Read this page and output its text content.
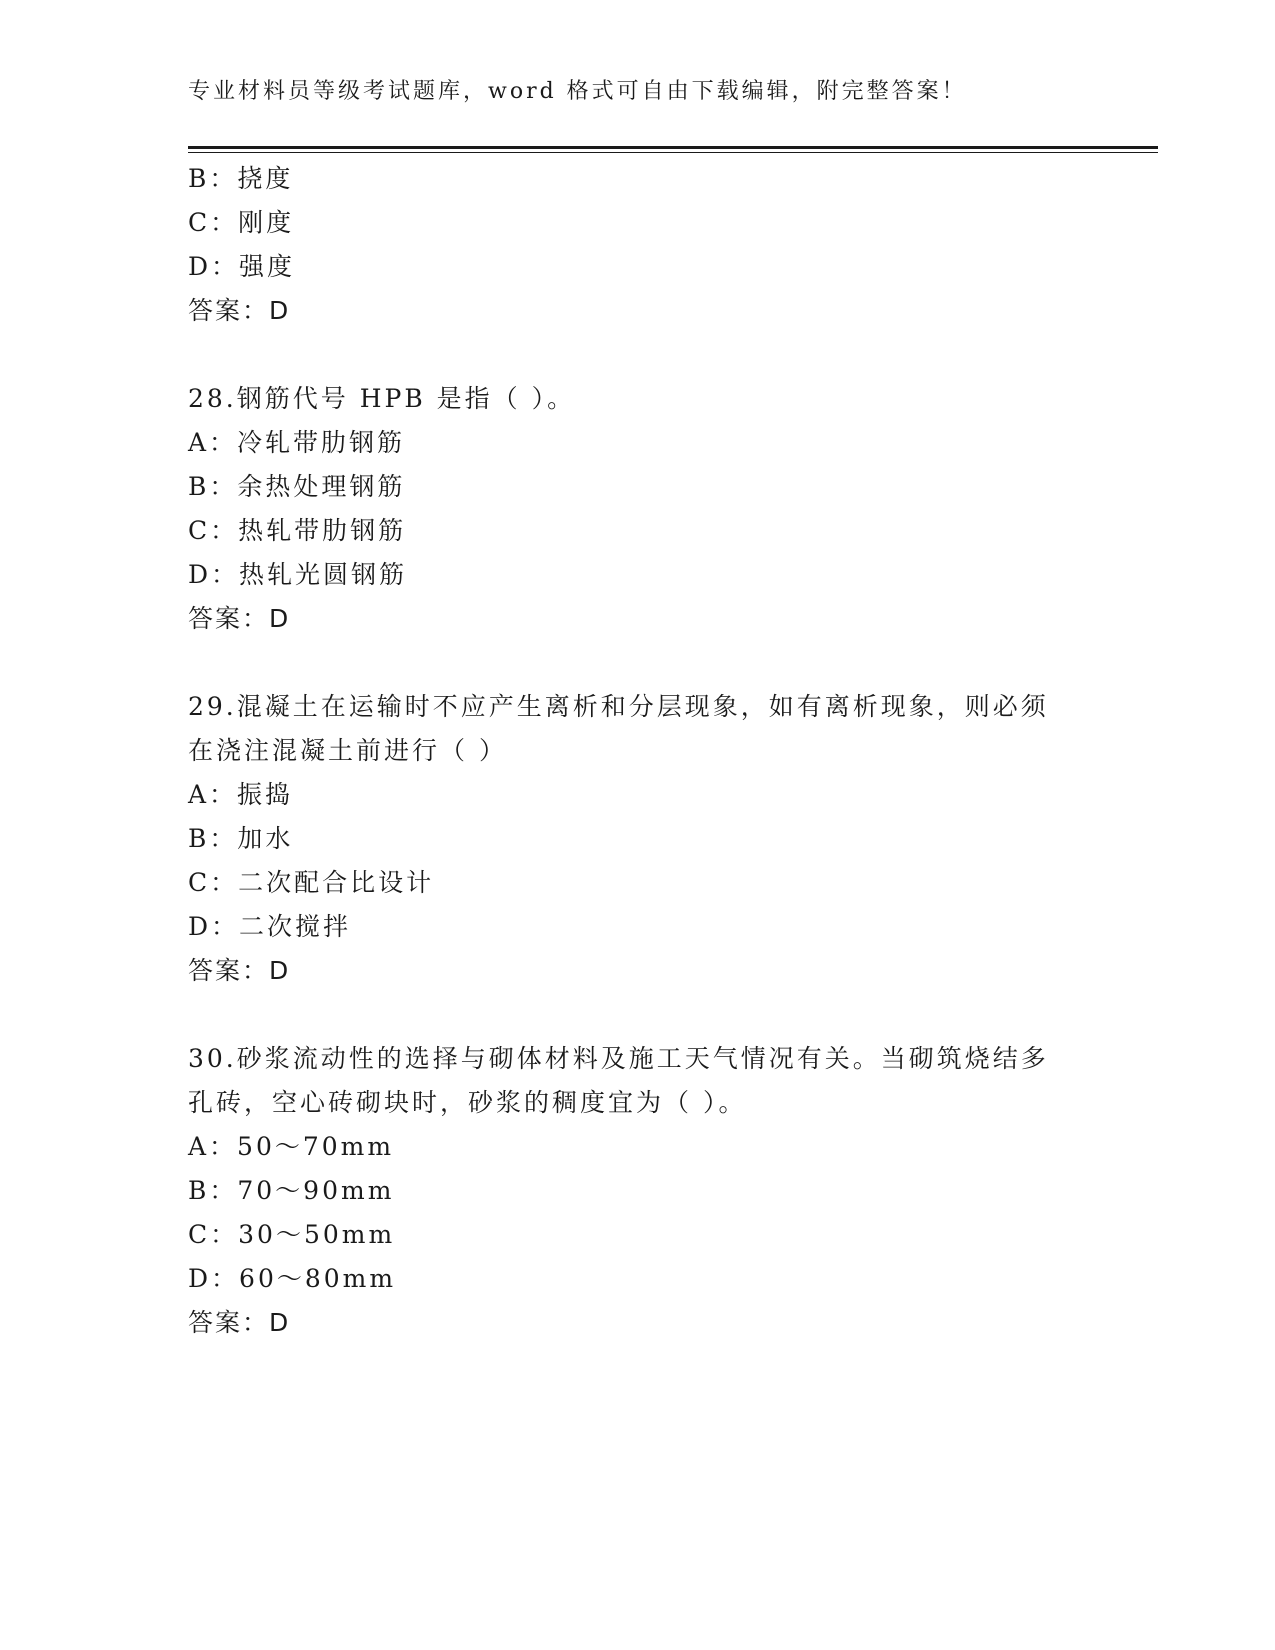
专业材料员等级考试题库，word 格式可自由下载编辑，附完整答案！
B：挠度
C：刚度
D：强度
答案：D
28.钢筋代号 HPB 是指（ ）。
A：冷轧带肋钢筋
B：余热处理钢筋
C：热轧带肋钢筋
D：热轧光圆钢筋
答案：D
29.混凝土在运输时不应产生离析和分层现象，如有离析现象，则必须
在浇注混凝土前进行（ ）
A：振捣
B：加水
C：二次配合比设计
D：二次搅拌
答案：D
30.砂浆流动性的选择与砌体材料及施工天气情况有关。当砌筑烧结多
孔砖，空心砖砌块时，砂浆的稠度宜为（ ）。
A：50～70mm
B：70～90mm
C：30～50mm
D：60～80mm
答案：D
